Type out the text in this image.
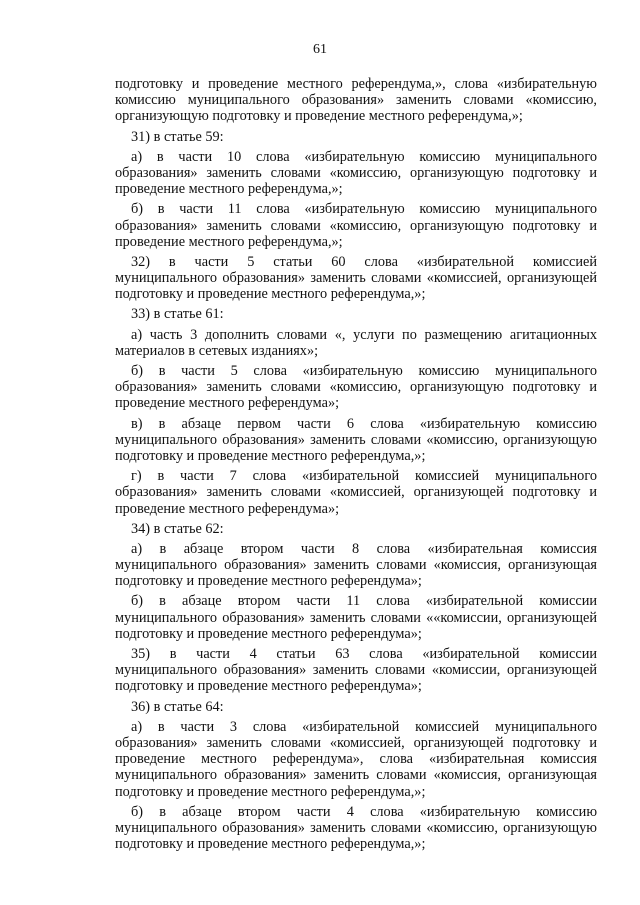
61
подготовку и проведение местного референдума,», слова «избирательную
комиссию муниципального образования» заменить словами «комиссию,
организующую подготовку и проведение местного референдума,»;
31) в статье 59:
а) в части 10 слова «избирательную комиссию муниципального
образования» заменить словами «комиссию, организующую подготовку и
проведение местного референдума,»;
б) в части 11 слова «избирательную комиссию муниципального
образования» заменить словами «комиссию, организующую подготовку и
проведение местного референдума,»;
32) в части 5 статьи 60 слова «избирательной комиссией
муниципального образования» заменить словами «комиссией, организующей
подготовку и проведение местного референдума,»;
33) в статье 61:
а) часть 3 дополнить словами «, услуги по размещению агитационных
материалов в сетевых изданиях»;
б) в части 5 слова «избирательную комиссию муниципального
образования» заменить словами «комиссию, организующую подготовку и
проведение местного референдума»;
в) в абзаце первом части 6 слова «избирательную комиссию
муниципального образования» заменить словами «комиссию, организующую
подготовку и проведение местного референдума,»;
г) в части 7 слова «избирательной комиссией муниципального
образования» заменить словами «комиссией, организующей подготовку и
проведение местного референдума»;
34) в статье 62:
а) в абзаце втором части 8 слова «избирательная комиссия
муниципального образования» заменить словами «комиссия, организующая
подготовку и проведение местного референдума»;
б) в абзаце втором части 11 слова «избирательной комиссии
муниципального образования» заменить словами ««комиссии, организующей
подготовку и проведение местного референдума»;
35) в части 4 статьи 63 слова «избирательной комиссии
муниципального образования» заменить словами «комиссии, организующей
подготовку и проведение местного референдума»;
36) в статье 64:
а) в части 3 слова «избирательной комиссией муниципального
образования» заменить словами «комиссией, организующей подготовку и
проведение местного референдума», слова «избирательная комиссия
муниципального образования» заменить словами «комиссия, организующая
подготовку и проведение местного референдума,»;
б) в абзаце втором части 4 слова «избирательную комиссию
муниципального образования» заменить словами «комиссию, организующую
подготовку и проведение местного референдума,»;
